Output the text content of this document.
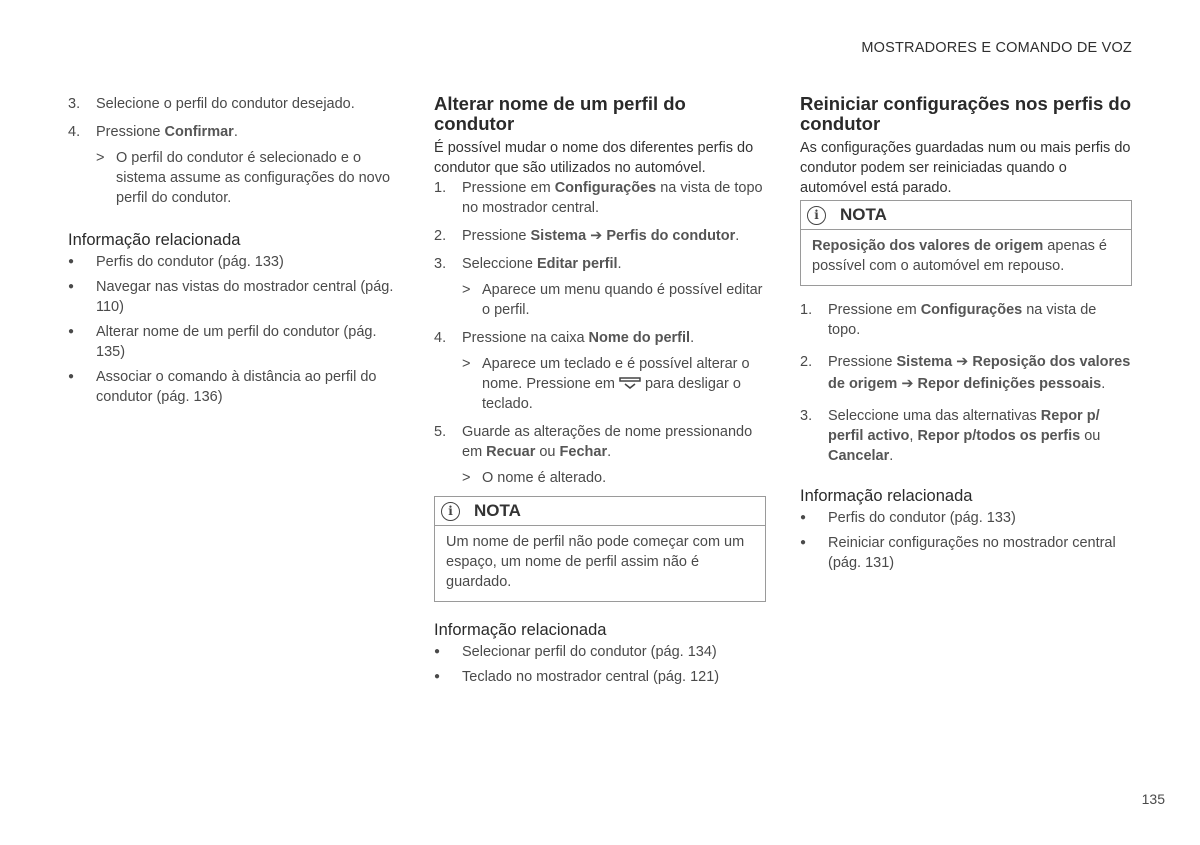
MOSTRADORES E COMANDO DE VOZ
3.	Selecione o perfil do condutor desejado.
4.	Pressione Confirmar.
> O perfil do condutor é selecionado e o sistema assume as configurações do novo perfil do condutor.
Informação relacionada
●	Perfis do condutor (pág. 133)
●	Navegar nas vistas do mostrador central (pág. 110)
●	Alterar nome de um perfil do condutor (pág. 135)
●	Associar o comando à distância ao perfil do condutor (pág. 136)
Alterar nome de um perfil do condutor

É possível mudar o nome dos diferentes perfis do condutor que são utilizados no automóvel.

1.	Pressione em Configurações na vista de topo no mostrador central.
2.	Pressione Sistema ➔ Perfis do condutor.
3.	Seleccione Editar perfil.
> Aparece um menu quando é possível editar o perfil.
4.	Pressione na caixa Nome do perfil.
> Aparece um teclado e é possível alterar o nome. Pressione em para desligar o teclado.
5.	Guarde as alterações de nome pressionando em Recuar ou Fechar.
> O nome é alterado.
i	NOTA
Um nome de perfil não pode começar com um espaço, um nome de perfil assim não é guardado.
Informação relacionada
●	Selecionar perfil do condutor (pág. 134)
●	Teclado no mostrador central (pág. 121)
Reiniciar configurações nos perfis do condutor

As configurações guardadas num ou mais perfis do condutor podem ser reiniciadas quando o automóvel está parado.

i	NOTA
Reposição dos valores de origem apenas é possível com o automóvel em repouso.
1.	Pressione em Configurações na vista de topo.
2.	Pressione Sistema ➔ Reposição dos valores de origem ➔ Repor definições pessoais.
3.	Seleccione uma das alternativas Repor p/ perfil activo, Repor p/todos os perfis ou Cancelar.
Informação relacionada
●	Perfis do condutor (pág. 133)
●	Reiniciar configurações no mostrador central (pág. 131)
135
